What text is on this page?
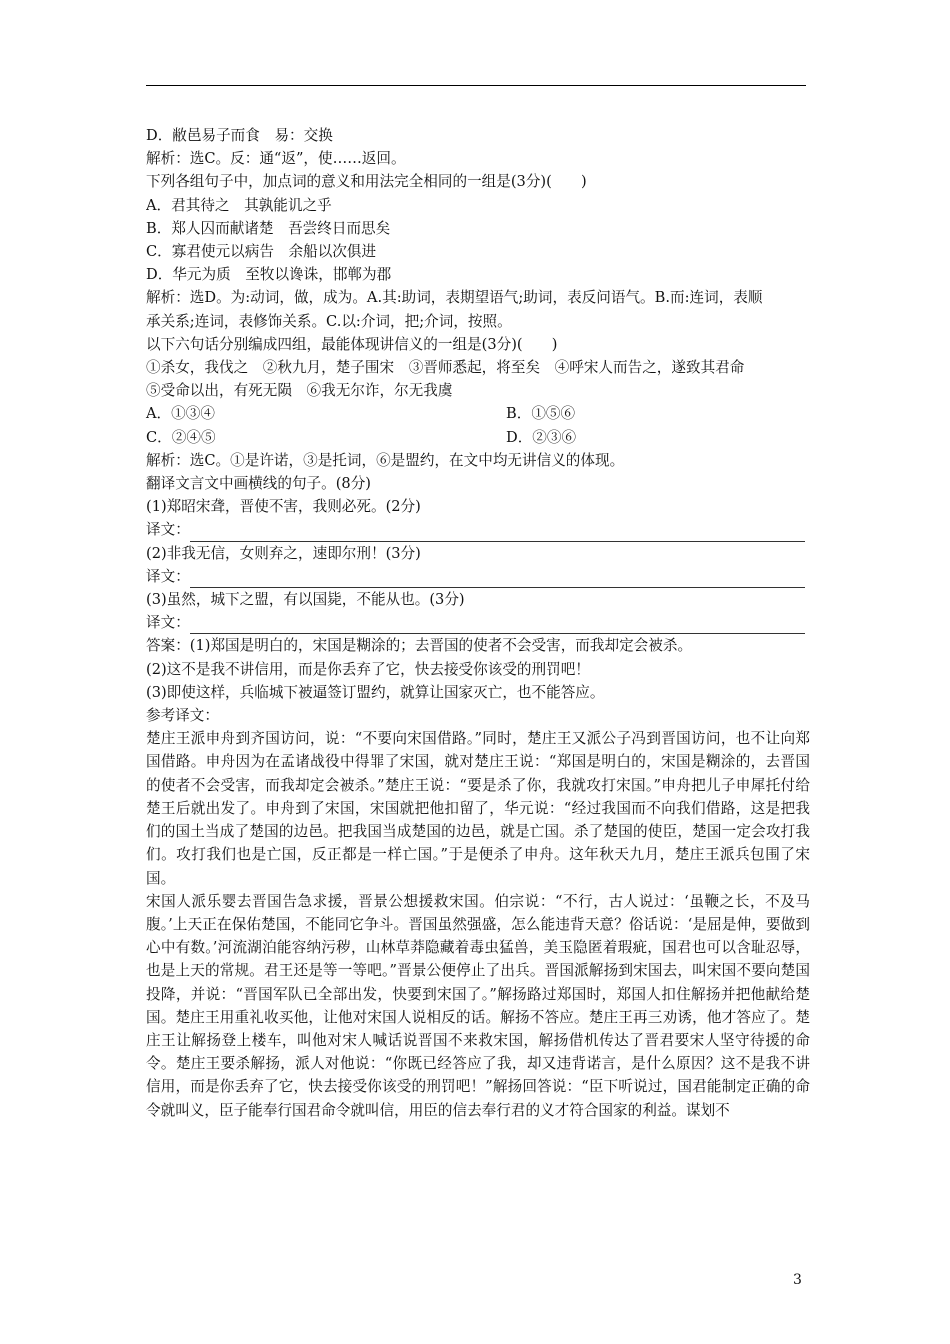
D．敝邑易子而食　易：交换
解析：选C。反：通“返”，使……返回。
下列各组句子中，加点词的意义和用法完全相同的一组是(3分)(　　)
A．君其待之　其孰能讥之乎
B．郑人囚而献诸楚　吾尝终日而思矣
C．寡君使元以病告　余船以次俱进
D．华元为质　至牧以谗诛，邯郸为郡
解析：选D。为:动词，做，成为。A.其:助词，表期望语气;助词，表反问语气。B.而:连词，表顺
承关系;连词，表修饰关系。C.以:介词，把;介词，按照。
以下六句话分别编成四组，最能体现讲信义的一组是(3分)(　　)
①杀女，我伐之　②秋九月，楚子围宋　③晋师悉起，将至矣　④呼宋人而告之，遂致其君命
⑤受命以出，有死无陨　⑥我无尔诈，尔无我虞
A．①③④	B．①⑤⑥
C．②④⑤	D．②③⑥
解析：选C。①是许诺，③是托词，⑥是盟约，在文中均无讲信义的体现。
翻译文言文中画横线的句子。(8分)
(1)郑昭宋聋，晋使不害，我则必死。(2分)
译文：
(2)非我无信，女则弃之，速即尔刑！(3分)
译文：
(3)虽然，城下之盟，有以国毙，不能从也。(3分)
译文：
答案：(1)郑国是明白的，宋国是糊涂的；去晋国的使者不会受害，而我却定会被杀。
(2)这不是我不讲信用，而是你丢弃了它，快去接受你该受的刑罚吧！
(3)即使这样，兵临城下被逼签订盟约，就算让国家灭亡，也不能答应。
参考译文：
楚庄王派申舟到齐国访问，说：“不要向宋国借路。”同时，楚庄王又派公子冯到晋国访问，也不让向郑国借路。申舟因为在孟诸战役中得罪了宋国，就对楚庄王说：“郑国是明白的，宋国是糊涂的，去晋国的使者不会受害，而我却定会被杀。”楚庄王说：“要是杀了你，我就攻打宋国。”申舟把儿子申犀托付给楚王后就出发了。申舟到了宋国，宋国就把他扣留了，华元说：“经过我国而不向我们借路，这是把我们的国土当成了楚国的边邑。把我国当成楚国的边邑，就是亡国。杀了楚国的使臣，楚国一定会攻打我们。攻打我们也是亡国，反正都是一样亡国。”于是便杀了申舟。这年秋天九月，楚庄王派兵包围了宋国。
宋国人派乐婴去晋国告急求援，晋景公想援救宋国。伯宗说：“不行，古人说过：‘虽鞭之长，不及马腹。’上天正在保佑楚国，不能同它争斗。晋国虽然强盛，怎么能违背天意？俗话说：‘是屈是伸，要做到心中有数。’河流湖泊能容纳污秽，山林草莽隐藏着毒虫猛兽，美玉隐匿着瑕疵，国君也可以含耻忍辱，也是上天的常规。君王还是等一等吧。”晋景公便停止了出兵。晋国派解扬到宋国去，叫宋国不要向楚国投降，并说：“晋国军队已全部出发，快要到宋国了。”解扬路过郑国时，郑国人扣住解扬并把他献给楚国。楚庄王用重礼收买他，让他对宋国人说相反的话。解扬不答应。楚庄王再三劝诱，他才答应了。楚庄王让解扬登上楼车，叫他对宋人喊话说晋国不来救宋国，解扬借机传达了晋君要宋人坚守待援的命令。楚庄王要杀解扬，派人对他说：“你既已经答应了我，却又违背诺言，是什么原因？这不是我不讲信用，而是你丢弃了它，快去接受你该受的刑罚吧！”解扬回答说：“臣下听说过，国君能制定正确的命令就叫义，臣子能奉行国君命令就叫信，用臣的信去奉行君的义才符合国家的利益。谋划不
3
